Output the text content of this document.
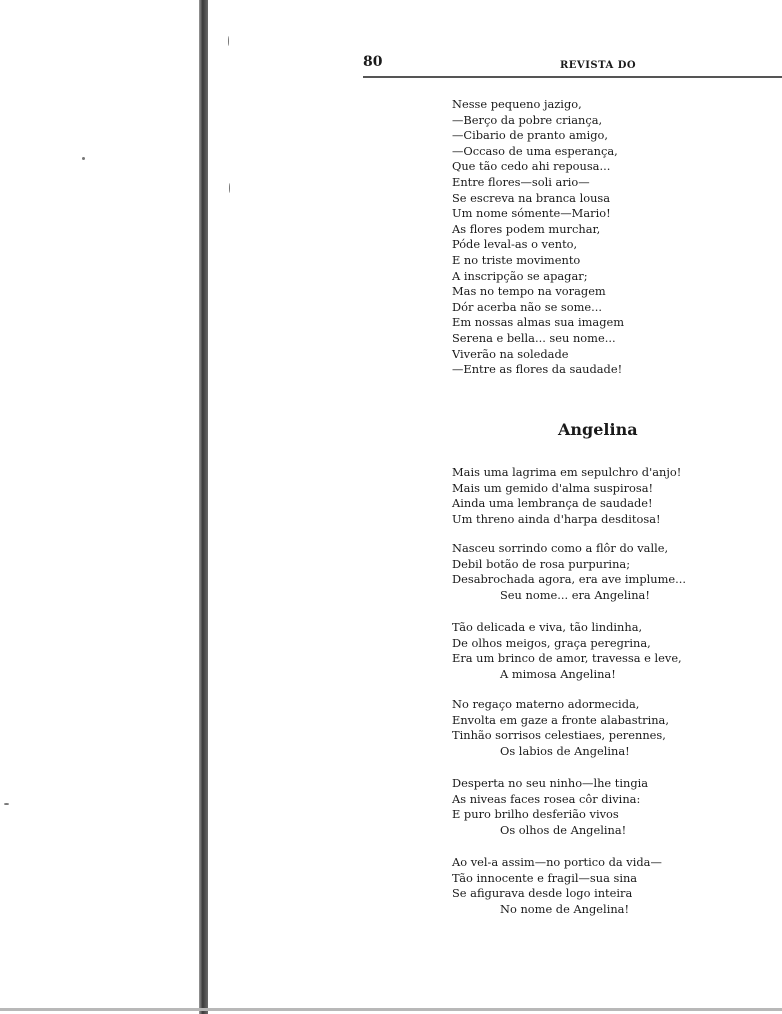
80	REVISTA DO

Nesse pequeno jazigo,
—Berço da pobre criança,
—Cibario de pranto amigo,
—Occaso de uma esperança,
Que tão cedo ahi repousa...
Entre flores—soli ario—
Se escreva na branca lousa
Um nome sómente—Mario!
As flores podem murchar,
Póde leval-as o vento,
E no triste movimento
A inscripção se apagar;
Mas no tempo na voragem
Dór acerba não se some...
Em nossas almas sua imagem
Serena e bella... seu nome...
Viverão na soledade
—Entre as flores da saudade!
Angelina
Mais uma lagrima em sepulchro d'anjo!
Mais um gemido d'alma suspirosa!
Ainda uma lembrança de saudade!
Um threno ainda d'harpa desditosa!
Nasceu sorrindo como a flôr do valle,
Debil botão de rosa purpurina;
Desabrochada agora, era ave implume...
Seu nome... era Angelina!
Tão delicada e viva, tão lindinha,
De olhos meigos, graça peregrina,
Era um brinco de amor, travessa e leve,
A mimosa Angelina!
No regaço materno adormecida,
Envolta em gaze a fronte alabastrina,
Tinhão sorrisos celestiaes, perennes,
Os labios de Angelina!
Desperta no seu ninho—lhe tingia
As niveas faces rosea côr divina:
E puro brilho desferião vivos
Os olhos de Angelina!
Ao vel-a assim—no portico da vida—
Tão innocente e fragil—sua sina
Se afigurava desde logo inteira
No nome de Angelina!
